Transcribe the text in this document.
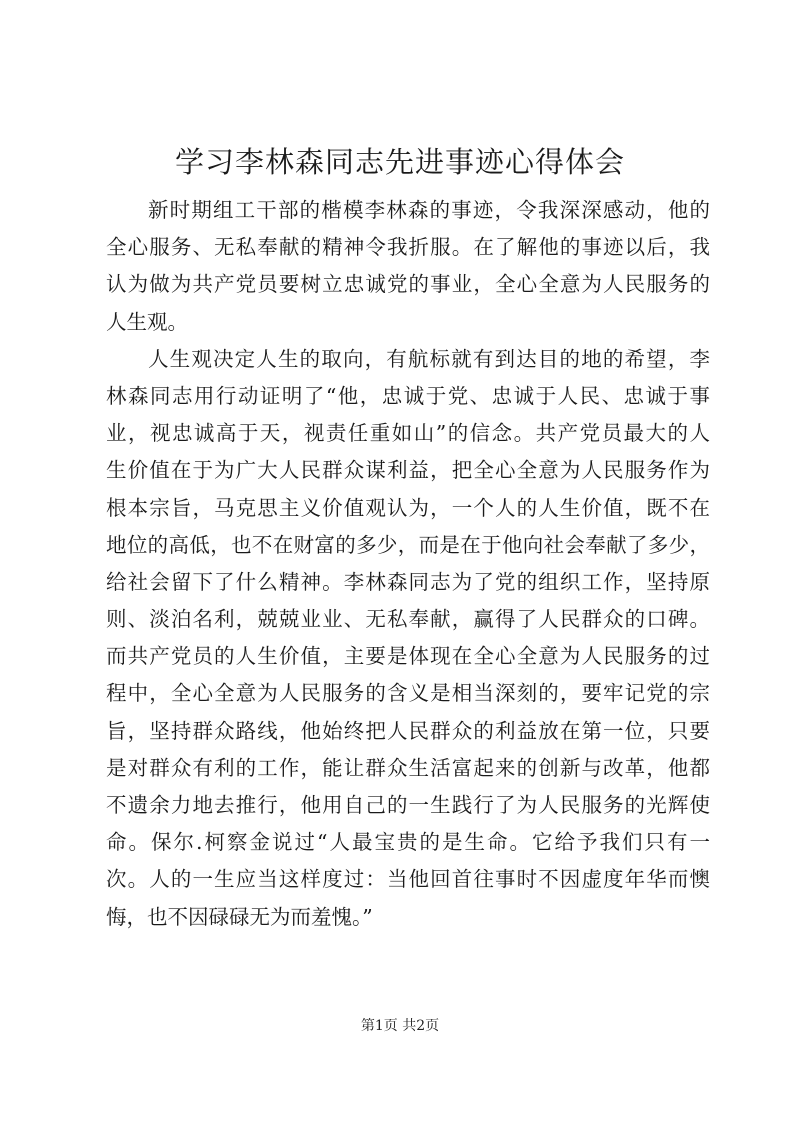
学习李林森同志先进事迹心得体会
新时期组工干部的楷模李林森的事迹，令我深深感动，他的
全心服务、无私奉献的精神令我折服。在了解他的事迹以后，我
认为做为共产党员要树立忠诚党的事业，全心全意为人民服务的
人生观。
人生观决定人生的取向，有航标就有到达目的地的希望，李
林森同志用行动证明了“他，忠诚于党、忠诚于人民、忠诚于事
业，视忠诚高于天，视责任重如山”的信念。共产党员最大的人
生价值在于为广大人民群众谋利益，把全心全意为人民服务作为
根本宗旨，马克思主义价值观认为，一个人的人生价值，既不在
地位的高低，也不在财富的多少，而是在于他向社会奉献了多少，
给社会留下了什么精神。李林森同志为了党的组织工作，坚持原
则、淡泊名利，兢兢业业、无私奉献，赢得了人民群众的口碑。
而共产党员的人生价值，主要是体现在全心全意为人民服务的过
程中，全心全意为人民服务的含义是相当深刻的，要牢记党的宗
旨，坚持群众路线，他始终把人民群众的利益放在第一位，只要
是对群众有利的工作，能让群众生活富起来的创新与改革，他都
不遗余力地去推行，他用自己的一生践行了为人民服务的光辉使
命。保尔.柯察金说过“人最宝贵的是生命。它给予我们只有一
次。人的一生应当这样度过：当他回首往事时不因虚度年华而懊
悔，也不因碌碌无为而羞愧。”
第1页 共2页
